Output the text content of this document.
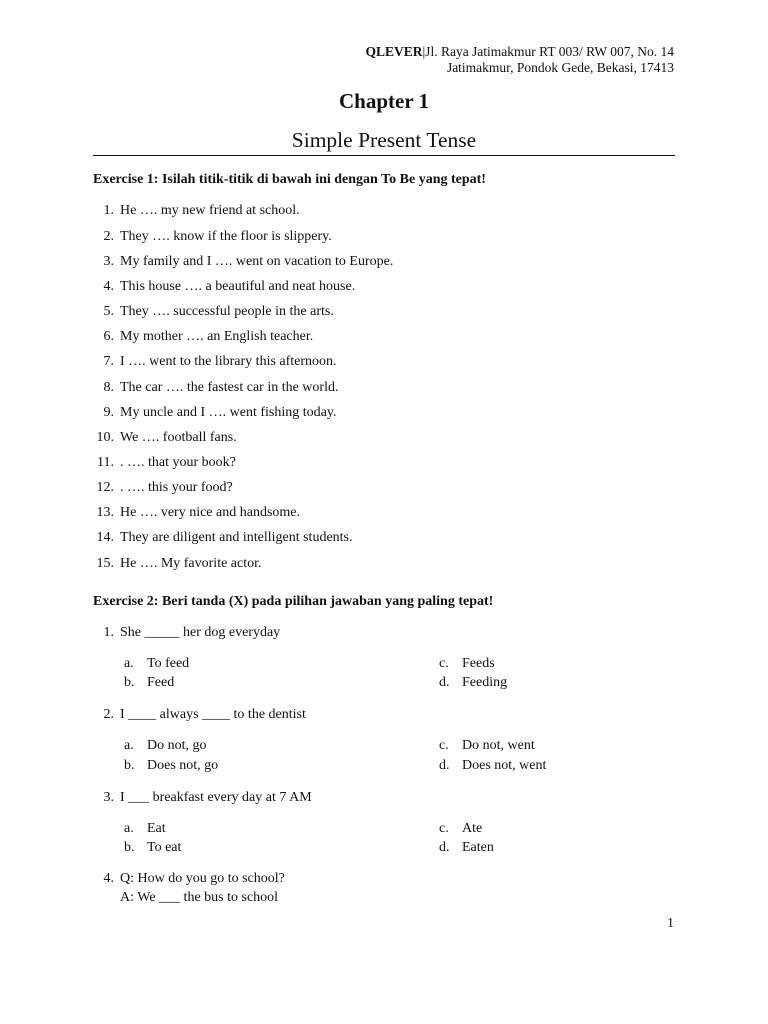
QLEVER|Jl. Raya Jatimakmur RT 003/ RW 007, No. 14
Jatimakmur, Pondok Gede, Bekasi, 17413
Chapter 1
Simple Present Tense
Exercise 1: Isilah titik-titik di bawah ini dengan To Be yang tepat!
1. He …. my new friend at school.
2. They …. know if the floor is slippery.
3. My family and I …. went on vacation to Europe.
4. This house …. a beautiful and neat house.
5. They …. successful people in the arts.
6. My mother …. an English teacher.
7. I …. went to the library this afternoon.
8. The car …. the fastest car in the world.
9. My uncle and I …. went fishing today.
10. We …. football fans.
11. . …. that your book?
12. . …. this your food?
13. He …. very nice and handsome.
14. They are diligent and intelligent students.
15. He …. My favorite actor.
Exercise 2: Beri tanda (X) pada pilihan jawaban yang paling tepat!
1. She _____ her dog everyday
a. To feed
b. Feed
c. Feeds
d. Feeding
2. I ____ always ____ to the dentist
a. Do not, go
b. Does not, go
c. Do not, went
d. Does not, went
3. I ___ breakfast every day at 7 AM
a. Eat
b. To eat
c. Ate
d. Eaten
4. Q: How do you go to school?
A: We ___ the bus to school
1
